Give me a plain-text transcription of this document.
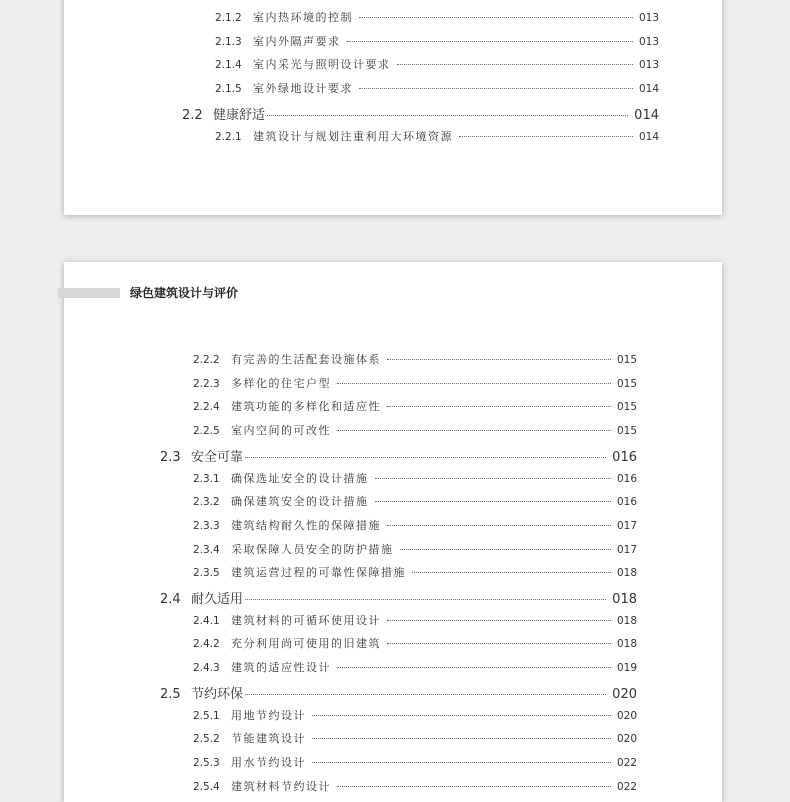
2.1.2	室内热环境的控制	013
2.1.3	室内外隔声要求	013
2.1.4	室内采光与照明设计要求	013
2.1.5	室外绿地设计要求	014
2.2 健康舒适	014
2.2.1	建筑设计与规划注重利用大环境资源	014
绿色建筑设计与评价
2.2.2	有完善的生活配套设施体系	015
2.2.3	多样化的住宅户型	015
2.2.4	建筑功能的多样化和适应性	015
2.2.5	室内空间的可改性	015
2.3 安全可靠	016
2.3.1	确保选址安全的设计措施	016
2.3.2	确保建筑安全的设计措施	016
2.3.3	建筑结构耐久性的保障措施	017
2.3.4	采取保障人员安全的防护措施	017
2.3.5	建筑运营过程的可靠性保障措施	018
2.4 耐久适用	018
2.4.1	建筑材料的可循环使用设计	018
2.4.2	充分利用尚可使用的旧建筑	018
2.4.3	建筑的适应性设计	019
2.5 节约环保	020
2.5.1	用地节约设计	020
2.5.2	节能建筑设计	020
2.5.3	用水节约设计	022
2.5.4	建筑材料节约设计	022
